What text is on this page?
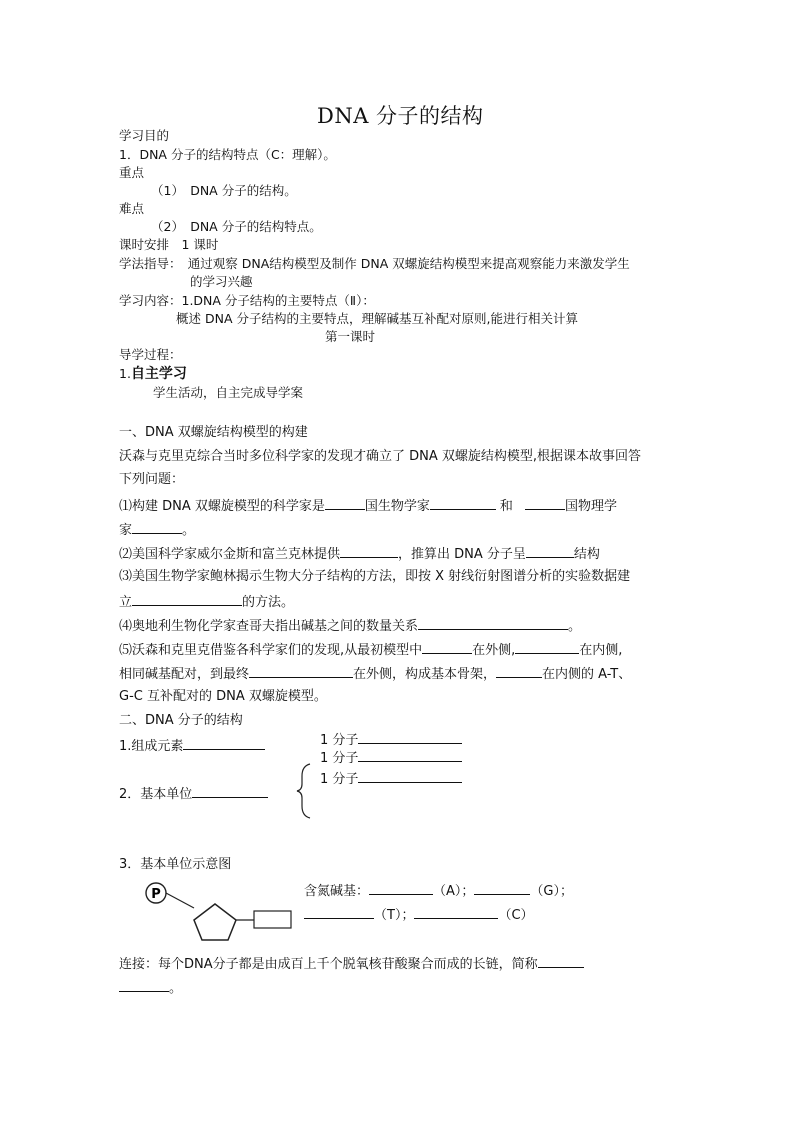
DNA 分子的结构
学习目的
1．DNA 分子的结构特点（C：理解）。
重点
（1）　DNA 分子的结构。
难点
（2）　DNA 分子的结构特点。
课时安排　1 课时
学法指导：　通过观察 DNA结构模型及制作 DNA 双螺旋结构模型来提高观察能力来激发学生
的学习兴趣
学习内容：1.DNA 分子结构的主要特点（Ⅱ）：
概述 DNA 分子结构的主要特点，理解碱基互补配对原则,能进行相关计算
第一课时
导学过程：
1.自主学习
学生活动，自主完成导学案
一、DNA 双螺旋结构模型的构建
沃森与克里克综合当时多位科学家的发现才确立了 DNA 双螺旋结构模型,根据课本故事回答
下列问题：
⑴构建 DNA 双螺旋模型的科学家是	国生物学家	和	国物理学
家	。
⑵美国科学家威尔金斯和富兰克林提供	，推算出 DNA 分子呈	结构
⑶美国生物学家鲍林揭示生物大分子结构的方法，即按 X 射线衍射图谱分析的实验数据建
立	的方法。
⑷奥地利生物化学家查哥夫指出碱基之间的数量关系	。
⑸沃森和克里克借鉴各科学家们的发现,从最初模型中	在外侧,	在内侧,
相同碱基配对，到最终	在外侧，构成基本骨架，	在内侧的 A-T、
G-C 互补配对的 DNA 双螺旋模型。
二、DNA 分子的结构
1.组成元素	1 分子
1 分子
1 分子
2．基本单位
3．基本单位示意图
P	含氮碱基：	（A）；	（G）；
（T）；	（C）
连接：每个DNA分子都是由成百上千个脱氧核苷酸聚合而成的长链，简称
。
